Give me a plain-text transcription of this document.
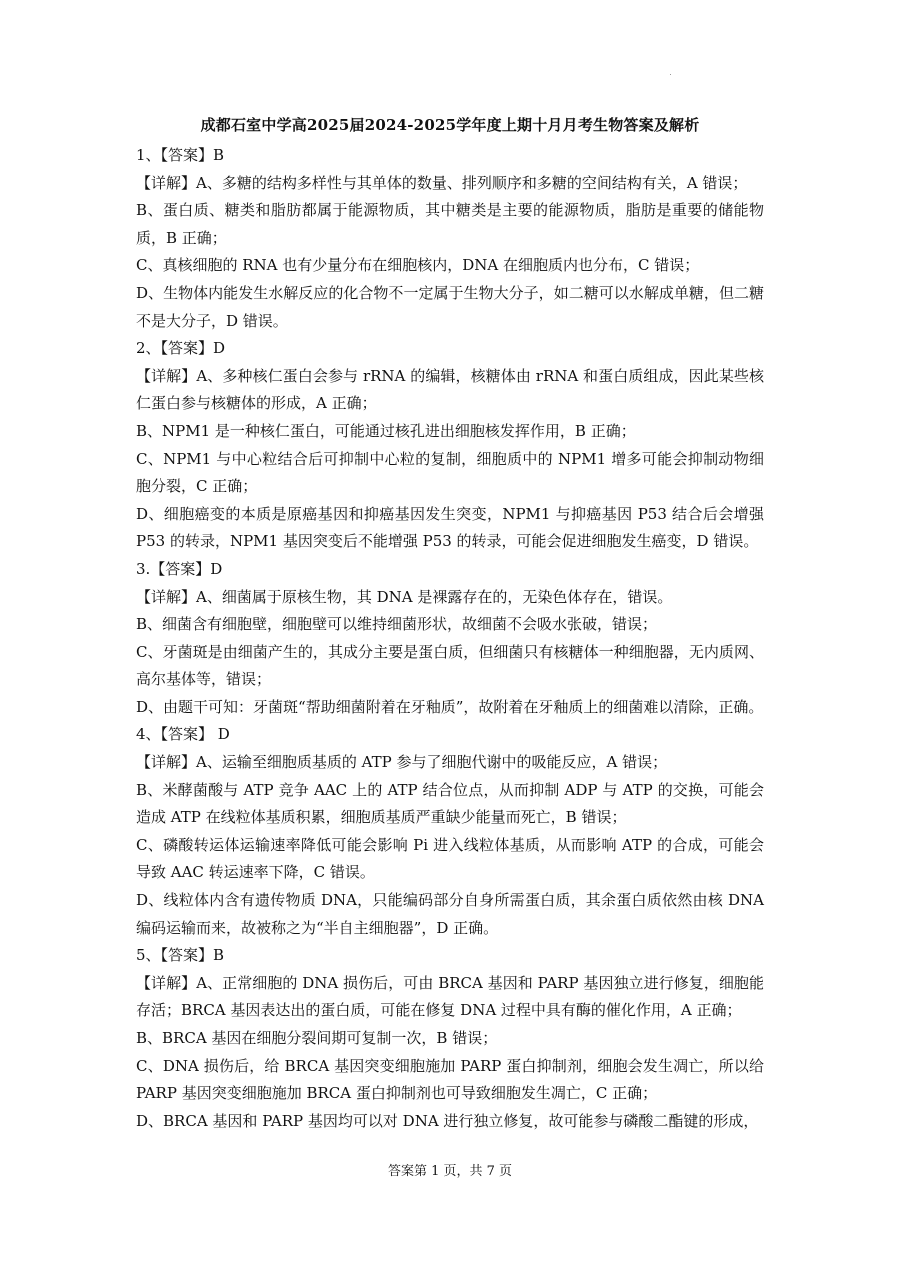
成都石室中学高2025届2024-2025学年度上期十月月考生物答案及解析

1、【答案】B

【详解】A、多糖的结构多样性与其单体的数量、排列顺序和多糖的空间结构有关，A 错误；

B、蛋白质、糖类和脂肪都属于能源物质，其中糖类是主要的能源物质，脂肪是重要的储能物质，B 正确；

C、真核细胞的 RNA 也有少量分布在细胞核内，DNA 在细胞质内也分布，C 错误；

D、生物体内能发生水解反应的化合物不一定属于生物大分子，如二糖可以水解成单糖，但二糖不是大分子，D 错误。

2、【答案】D

【详解】A、多种核仁蛋白会参与 rRNA 的编辑，核糖体由 rRNA 和蛋白质组成，因此某些核仁蛋白参与核糖体的形成，A 正确；

B、NPM1 是一种核仁蛋白，可能通过核孔进出细胞核发挥作用，B 正确；

C、NPM1 与中心粒结合后可抑制中心粒的复制，细胞质中的 NPM1 增多可能会抑制动物细胞分裂，C 正确；

D、细胞癌变的本质是原癌基因和抑癌基因发生突变，NPM1 与抑癌基因 P53 结合后会增强 P53 的转录，NPM1 基因突变后不能增强 P53 的转录，可能会促进细胞发生癌变，D 错误。

3.【答案】D

【详解】A、细菌属于原核生物，其 DNA 是裸露存在的，无染色体存在，错误。

B、细菌含有细胞壁，细胞壁可以维持细菌形状，故细菌不会吸水张破，错误；

C、牙菌斑是由细菌产生的，其成分主要是蛋白质，但细菌只有核糖体一种细胞器，无内质网、高尔基体等，错误；

D、由题干可知：牙菌斑“帮助细菌附着在牙釉质”，故附着在牙釉质上的细菌难以清除，正确。

4、【答案】 D

【详解】A、运输至细胞质基质的 ATP 参与了细胞代谢中的吸能反应，A 错误；

B、米酵菌酸与 ATP 竞争 AAC 上的 ATP 结合位点，从而抑制 ADP 与 ATP 的交换，可能会造成 ATP 在线粒体基质积累，细胞质基质严重缺少能量而死亡，B 错误；

C、磷酸转运体运输速率降低可能会影响 Pi 进入线粒体基质，从而影响 ATP 的合成，可能会导致 AAC 转运速率下降，C 错误。

D、线粒体内含有遗传物质 DNA，只能编码部分自身所需蛋白质，其余蛋白质依然由核 DNA 编码运输而来，故被称之为“半自主细胞器”，D 正确。

5、【答案】B

【详解】A、正常细胞的 DNA 损伤后，可由 BRCA 基因和 PARP 基因独立进行修复，细胞能存活；BRCA 基因表达出的蛋白质，可能在修复 DNA 过程中具有酶的催化作用，A 正确；

B、BRCA 基因在细胞分裂间期可复制一次，B 错误；

C、DNA 损伤后，给 BRCA 基因突变细胞施加 PARP 蛋白抑制剂，细胞会发生凋亡，所以给 PARP 基因突变细胞施加 BRCA 蛋白抑制剂也可导致细胞发生凋亡，C 正确；

D、BRCA 基因和 PARP 基因均可以对 DNA 进行独立修复，故可能参与磷酸二酯键的形成，

答案第 1 页，共 7 页
